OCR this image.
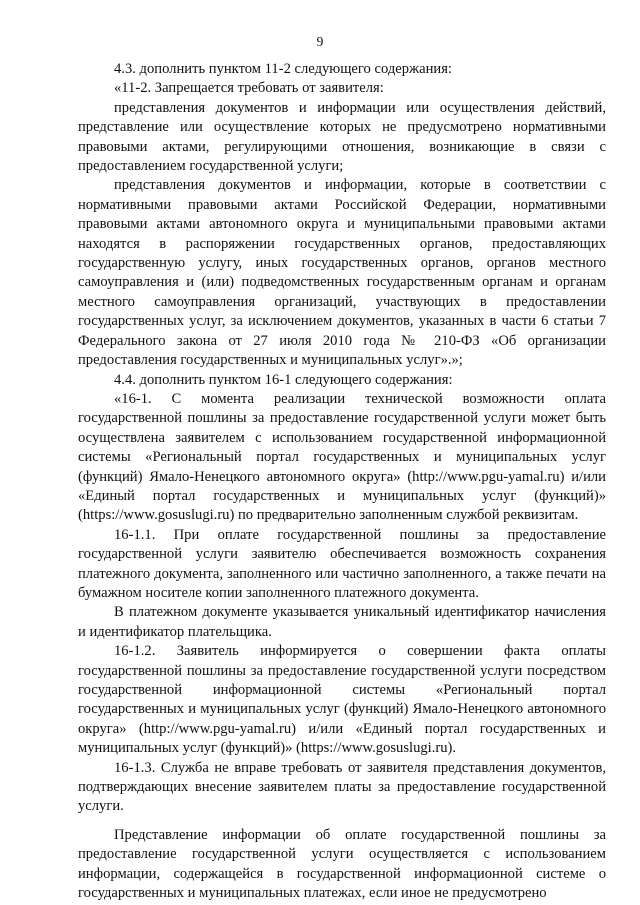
9

4.3. дополнить пунктом 11-2 следующего содержания:

«11-2. Запрещается требовать от заявителя:

представления документов и информации или осуществления действий, представление или осуществление которых не предусмотрено нормативными правовыми актами, регулирующими отношения, возникающие в связи с предоставлением государственной услуги;

представления документов и информации, которые в соответствии с нормативными правовыми актами Российской Федерации, нормативными правовыми актами автономного округа и муниципальными правовыми актами находятся в распоряжении государственных органов, предоставляющих государственную услугу, иных государственных органов, органов местного самоуправления и (или) подведомственных государственным органам и органам местного самоуправления организаций, участвующих в предоставлении государственных услуг, за исключением документов, указанных в части 6 статьи 7 Федерального закона от 27 июля 2010 года № 210-ФЗ «Об организации предоставления государственных и муниципальных услуг».»;

4.4. дополнить пунктом 16-1 следующего содержания:

«16-1. С момента реализации технической возможности оплата государственной пошлины за предоставление государственной услуги может быть осуществлена заявителем с использованием государственной информационной системы «Региональный портал государственных и муниципальных услуг (функций) Ямало-Ненецкого автономного округа» (http://www.pgu-yamal.ru) и/или «Единый портал государственных и муниципальных услуг (функций)» (https://www.gosuslugi.ru) по предварительно заполненным службой реквизитам.

16-1.1. При оплате государственной пошлины за предоставление государственной услуги заявителю обеспечивается возможность сохранения платежного документа, заполненного или частично заполненного, а также печати на бумажном носителе копии заполненного платежного документа.

В платежном документе указывается уникальный идентификатор начисления и идентификатор плательщика.

16-1.2. Заявитель информируется о совершении факта оплаты государственной пошлины за предоставление государственной услуги посредством государственной информационной системы «Региональный портал государственных и муниципальных услуг (функций) Ямало-Ненецкого автономного округа» (http://www.pgu-yamal.ru) и/или «Единый портал государственных и муниципальных услуг (функций)» (https://www.gosuslugi.ru).

16-1.3. Служба не вправе требовать от заявителя представления документов, подтверждающих внесение заявителем платы за предоставление государственной услуги.

Представление информации об оплате государственной пошлины за предоставление государственной услуги осуществляется с использованием информации, содержащейся в государственной информационной системе о государственных и муниципальных платежах, если иное не предусмотрено
